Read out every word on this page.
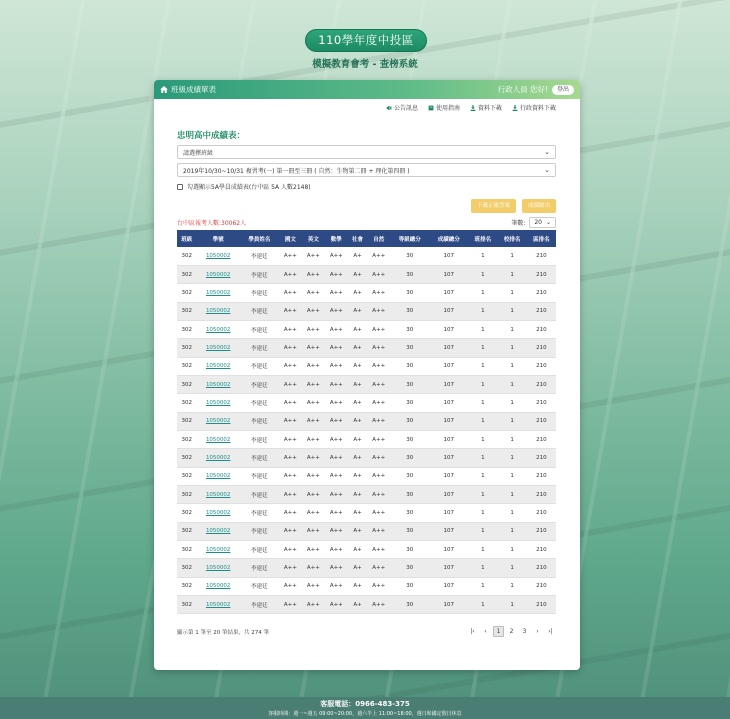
110學年度中投區
模擬教育會考 - 查榜系統
班級成績單表	行政人員 您好!	登出
公告訊息	使用指南	資料下載	行政資料下載
忠明高中成績表：
請選擇班級	⌄
2019年10/30~10/31 複習考(一) 第一冊至三冊 ( 自然：生物第二冊 + 理化第四冊 )	⌄
勾選顯示5A學員成績表(台中區 5A 人數2148)
下載正確答案	成績匯出
台中區報考人數:30062人	筆數: 20 ⌄
班級	學號	學員姓名	國文	英文	數學	社會	自然	等級總分	成績總分	班排名	校排名	區排名
302	1050002	李建廷	A++	A++	A++	A+	A++	30	107	1	1	210
302	1050002	李建廷	A++	A++	A++	A+	A++	30	107	1	1	210
302	1050002	李建廷	A++	A++	A++	A+	A++	30	107	1	1	210
302	1050002	李建廷	A++	A++	A++	A+	A++	30	107	1	1	210
302	1050002	李建廷	A++	A++	A++	A+	A++	30	107	1	1	210
302	1050002	李建廷	A++	A++	A++	A+	A++	30	107	1	1	210
302	1050002	李建廷	A++	A++	A++	A+	A++	30	107	1	1	210
302	1050002	李建廷	A++	A++	A++	A+	A++	30	107	1	1	210
302	1050002	李建廷	A++	A++	A++	A+	A++	30	107	1	1	210
302	1050002	李建廷	A++	A++	A++	A+	A++	30	107	1	1	210
302	1050002	李建廷	A++	A++	A++	A+	A++	30	107	1	1	210
302	1050002	李建廷	A++	A++	A++	A+	A++	30	107	1	1	210
302	1050002	李建廷	A++	A++	A++	A+	A++	30	107	1	1	210
302	1050002	李建廷	A++	A++	A++	A+	A++	30	107	1	1	210
302	1050002	李建廷	A++	A++	A++	A+	A++	30	107	1	1	210
302	1050002	李建廷	A++	A++	A++	A+	A++	30	107	1	1	210
302	1050002	李建廷	A++	A++	A++	A+	A++	30	107	1	1	210
302	1050002	李建廷	A++	A++	A++	A+	A++	30	107	1	1	210
302	1050002	李建廷	A++	A++	A++	A+	A++	30	107	1	1	210
302	1050002	李建廷	A++	A++	A++	A+	A++	30	107	1	1	210
顯示第 1 筆至 20 筆結果，共 274 筆	|‹	‹	1	2	3	›	›|
客服電話：0966-483-375
客服時間：週一~週五 09:00~20:00，週六半上 11:00~18:00，週日和國定假日休息
